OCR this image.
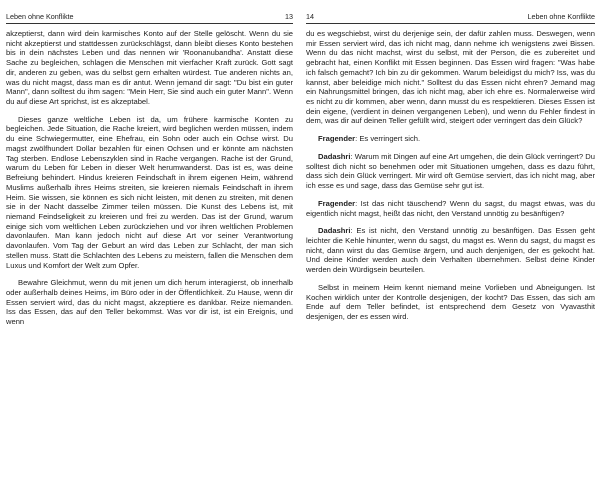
Leben ohne Konflikte	13

akzeptierst, dann wird dein karmisches Konto auf der Stelle gelöscht. Wenn du sie nicht akzeptierst und stattdessen zurückschlägst, dann bleibt dieses Konto bestehen bis in dein nächstes Leben und das nennen wir 'Roonanubandha'. Anstatt diese Sache zu begleichen, schlagen die Menschen mit vierfacher Kraft zurück. Gott sagt dir, anderen zu geben, was du selbst gern erhalten würdest. Tue anderen nichts an, was du nicht magst, dass man es dir antut. Wenn jemand dir sagt: "Du bist ein guter Mann", dann solltest du ihm sagen: "Mein Herr, Sie sind auch ein guter Mann". Wenn du auf diese Art sprichst, ist es akzeptabel.

Dieses ganze weltliche Leben ist da, um frühere karmische Konten zu begleichen. Jede Situation, die Rache kreiert, wird beglichen werden müssen, indem du eine Schwiegermutter, eine Ehefrau, ein Sohn oder auch ein Ochse wirst. Du magst zwölfhundert Dollar bezahlen für einen Ochsen und er könnte am nächsten Tag sterben. Endlose Lebenszyklen sind in Rache vergangen. Rache ist der Grund, warum du Leben für Leben in dieser Welt herumwanderst. Das ist es, was deine Befreiung behindert. Hindus kreieren Feindschaft in ihrem eigenen Heim, während Muslims außerhalb ihres Heims streiten, sie kreieren niemals Feindschaft in ihrem Heim. Sie wissen, sie können es sich nicht leisten, mit denen zu streiten, mit denen sie in der Nacht dasselbe Zimmer teilen müssen. Die Kunst des Lebens ist, mit niemand Feindseligkeit zu kreieren und frei zu werden. Das ist der Grund, warum einige sich vom weltlichen Leben zurückziehen und vor ihren weltlichen Problemen davonlaufen. Man kann jedoch nicht auf diese Art vor seiner Verantwortung davonlaufen. Vom Tag der Geburt an wird das Leben zur Schlacht, der man sich stellen muss. Statt die Schlachten des Lebens zu meistern, fallen die Menschen dem Luxus und Komfort der Welt zum Opfer.

Bewahre Gleichmut, wenn du mit jenen um dich herum interagierst, ob innerhalb oder außerhalb deines Heims, im Büro oder in der Öffentlichkeit. Zu Hause, wenn dir Essen serviert wird, das du nicht magst, akzeptiere es dankbar. Reize niemanden. Iss das Essen, das auf den Teller bekommst. Was vor dir ist, ist ein Ereignis, und wenn

14	Leben ohne Konflikte

du es wegschiebst, wirst du derjenige sein, der dafür zahlen muss. Deswegen, wenn mir Essen serviert wird, das ich nicht mag, dann nehme ich wenigstens zwei Bissen. Wenn du das nicht machst, wirst du selbst, mit der Person, die es zubereitet und gebracht hat, einen Konflikt mit Essen beginnen. Das Essen wird fragen: "Was habe ich falsch gemacht? Ich bin zu dir gekommen. Warum beleidigst du mich? Iss, was du kannst, aber beleidige mich nicht." Solltest du das Essen nicht ehren? Jemand mag ein Nahrungsmittel bringen, das ich nicht mag, aber ich ehre es. Normalerweise wird es nicht zu dir kommen, aber wenn, dann musst du es respektieren. Dieses Essen ist dein eigene, (verdient in deinen vergangenen Leben), und wenn du Fehler findest in dem, was dir auf deinen Teller gefüllt wird, steigert oder verringert das dein Glück?

Fragender: Es verringert sich.

Dadashri: Warum mit Dingen auf eine Art umgehen, die dein Glück verringert? Du solltest dich nicht so benehmen oder mit Situationen umgehen, dass es dazu führt, dass sich dein Glück verringert. Mir wird oft Gemüse serviert, das ich nicht mag, aber ich esse es und sage, dass das Gemüse sehr gut ist.

Fragender: Ist das nicht täuschend? Wenn du sagst, du magst etwas, was du eigentlich nicht magst, heißt das nicht, den Verstand unnötig zu besänftigen?

Dadashri: Es ist nicht, den Verstand unnötig zu besänftigen. Das Essen geht leichter die Kehle hinunter, wenn du sagst, du magst es. Wenn du sagst, du magst es nicht, dann wirst du das Gemüse ärgern, und auch denjenigen, der es gekocht hat. Und deine Kinder werden auch dein Verhalten übernehmen. Selbst deine Kinder werden dein Würdigsein beurteilen.

Selbst in meinem Heim kennt niemand meine Vorlieben und Abneigungen. Ist Kochen wirklich unter der Kontrolle desjenigen, der kocht? Das Essen, das sich am Ende auf dem Teller befindet, ist entsprechend dem Gesetz von Vyavasthit desjenigen, der es essen wird.
